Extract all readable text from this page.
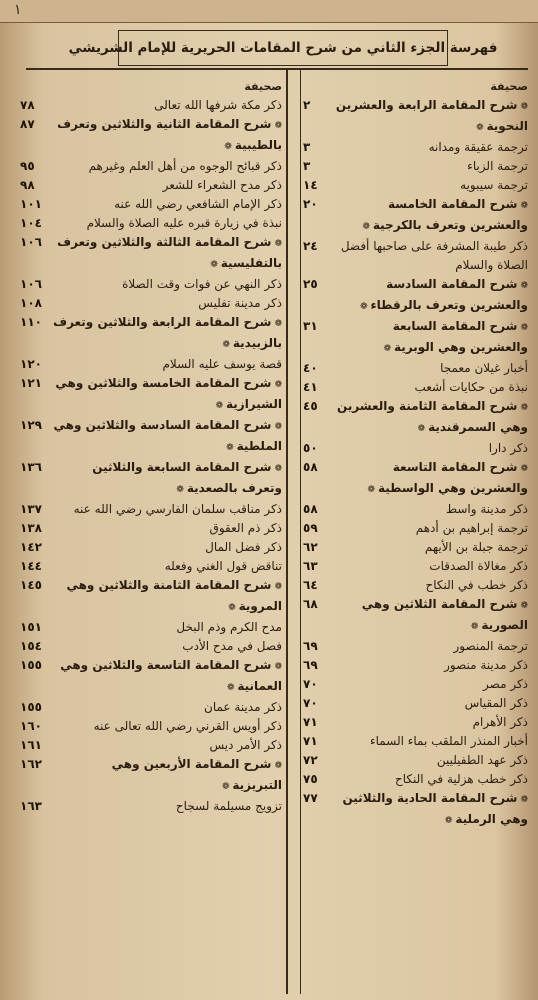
١
فهرسة الجزء الثاني من شرح المقامات الحريرية للإمام الشريشي
صحيفة
❁ شرح المقامة الرابعة والعشرين النحوية ❁
٢
ترجمة عقيقة ومدانه
٣
ترجمة الزباء
٣
ترجمة سيبويه
١٤
❁ شرح المقامة الخامسة والعشرين وتعرف بالكرجية ❁
٢٠
ذكر طيبة المشرفة على صاحبها أفضل الصلاة والسلام
٢٤
❁ شرح المقامة السادسة والعشرين وتعرف بالرقطاء ❁
٢٥
❁ شرح المقامة السابعة والعشرين وهي الوبرية ❁
٣١
أخبار غيلان معمجا
٤٠
نبذة من حكايات أشعب
٤١
❁ شرح المقامة الثامنة والعشرين وهي السمرقندية ❁
٤٥
ذكر دارا
٥٠
❁ شرح المقامة التاسعة والعشرين وهي الواسطية ❁
٥٨
ذكر مدينة واسط
٥٨
ترجمة إبراهيم بن أدهم
٥٩
ترجمة جبلة بن الأيهم
٦٢
ذكر مغالاة الصدقات
٦٣
ذكر خطب في النكاح
٦٤
❁ شرح المقامة الثلاثين وهي الصورية ❁
٦٨
ترجمة المنصور
٦٩
ذكر مدينة منصور
٦٩
ذكر مصر
٧٠
ذكر المقياس
٧٠
ذكر الأهرام
٧١
أخبار المنذر الملقب بماء السماء
٧١
ذكر عهد الطفيليين
٧٢
ذكر خطب هزلية في النكاح
٧٥
❁ شرح المقامة الحادية والثلاثين وهي الرملية ❁
٧٧
صحيفة
ذكر مكة شرفها الله تعالى
٧٨
❁ شرح المقامة الثانية والثلاثين وتعرف بالطيبية ❁
٨٧
ذكر قبائح الوجوه من أهل العلم وغيرهم
٩٥
ذكر مدح الشعراء للشعر
٩٨
ذكر الإمام الشافعي رضي الله عنه
١٠١
نبذة في زيارة قبره عليه الصلاة والسلام
١٠٤
❁ شرح المقامة الثالثة والثلاثين وتعرف بالتفليسية ❁
١٠٦
ذكر النهي عن فوات وقت الصلاة
١٠٦
ذكر مدينة تفليس
١٠٨
❁ شرح المقامة الرابعة والثلاثين وتعرف بالزبيدية ❁
١١٠
قصة يوسف عليه السلام
١٢٠
❁ شرح المقامة الخامسة والثلاثين وهي الشيرازية ❁
١٢١
❁ شرح المقامة السادسة والثلاثين وهي الملطية ❁
١٢٩
❁ شرح المقامة السابعة والثلاثين وتعرف بالصعدية ❁
١٣٦
ذكر مناقب سلمان الفارسي رضي الله عنه
١٣٧
ذكر ذم العقوق
١٣٨
ذكر فضل المال
١٤٢
تناقض قول الغني وفعله
١٤٤
❁ شرح المقامة الثامنة والثلاثين وهي المروية ❁
١٤٥
مدح الكرم وذم البخل
١٥١
فصل في مدح الأدب
١٥٤
❁ شرح المقامة التاسعة والثلاثين وهي العمانية ❁
١٥٥
ذكر مدينة عمان
١٥٥
ذكر أويس القرني رضي الله تعالى عنه
١٦٠
ذكر الأمر ديس
١٦١
❁ شرح المقامة الأربعين وهي التبريزية ❁
١٦٢
تزويج مسيلمة لسجاح
١٦٣
